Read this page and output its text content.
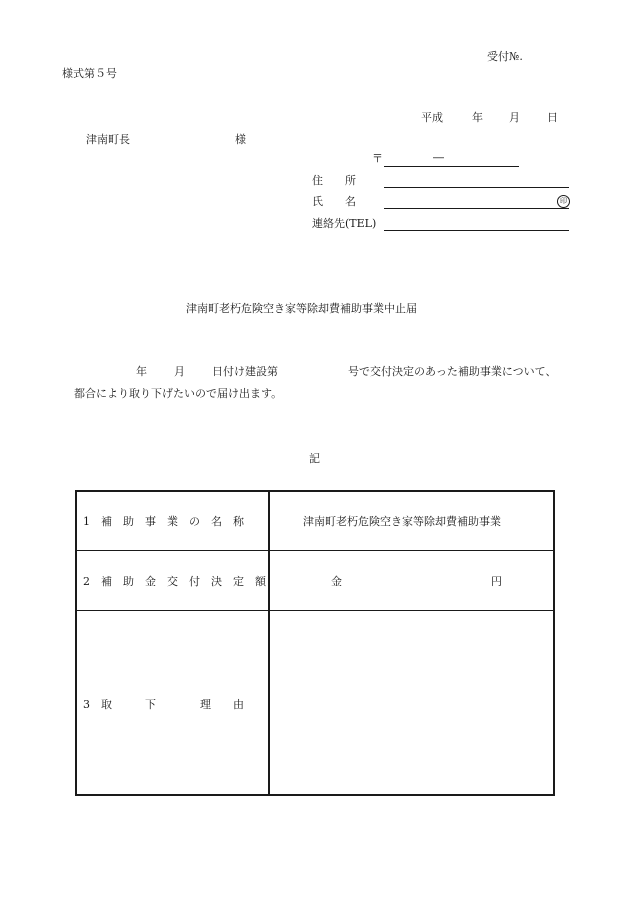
受付№.
様式第５号
平成	年 月 日
津南町長	様
〒	―
住　　所
氏　　名	印
連絡先(TEL)
津南町老朽危険空き家等除却費補助事業中止届
年 月 日付け建設第	号で交付決定のあった補助事業について、
都合により取り下げたいので届け出ます。
記
1　補　助　事　業　の　名　称	津南町老朽危険空き家等除却費補助事業
2　補　助　金　交　付　決　定　額	金	円
3　取　　　下　　　　理　　由
